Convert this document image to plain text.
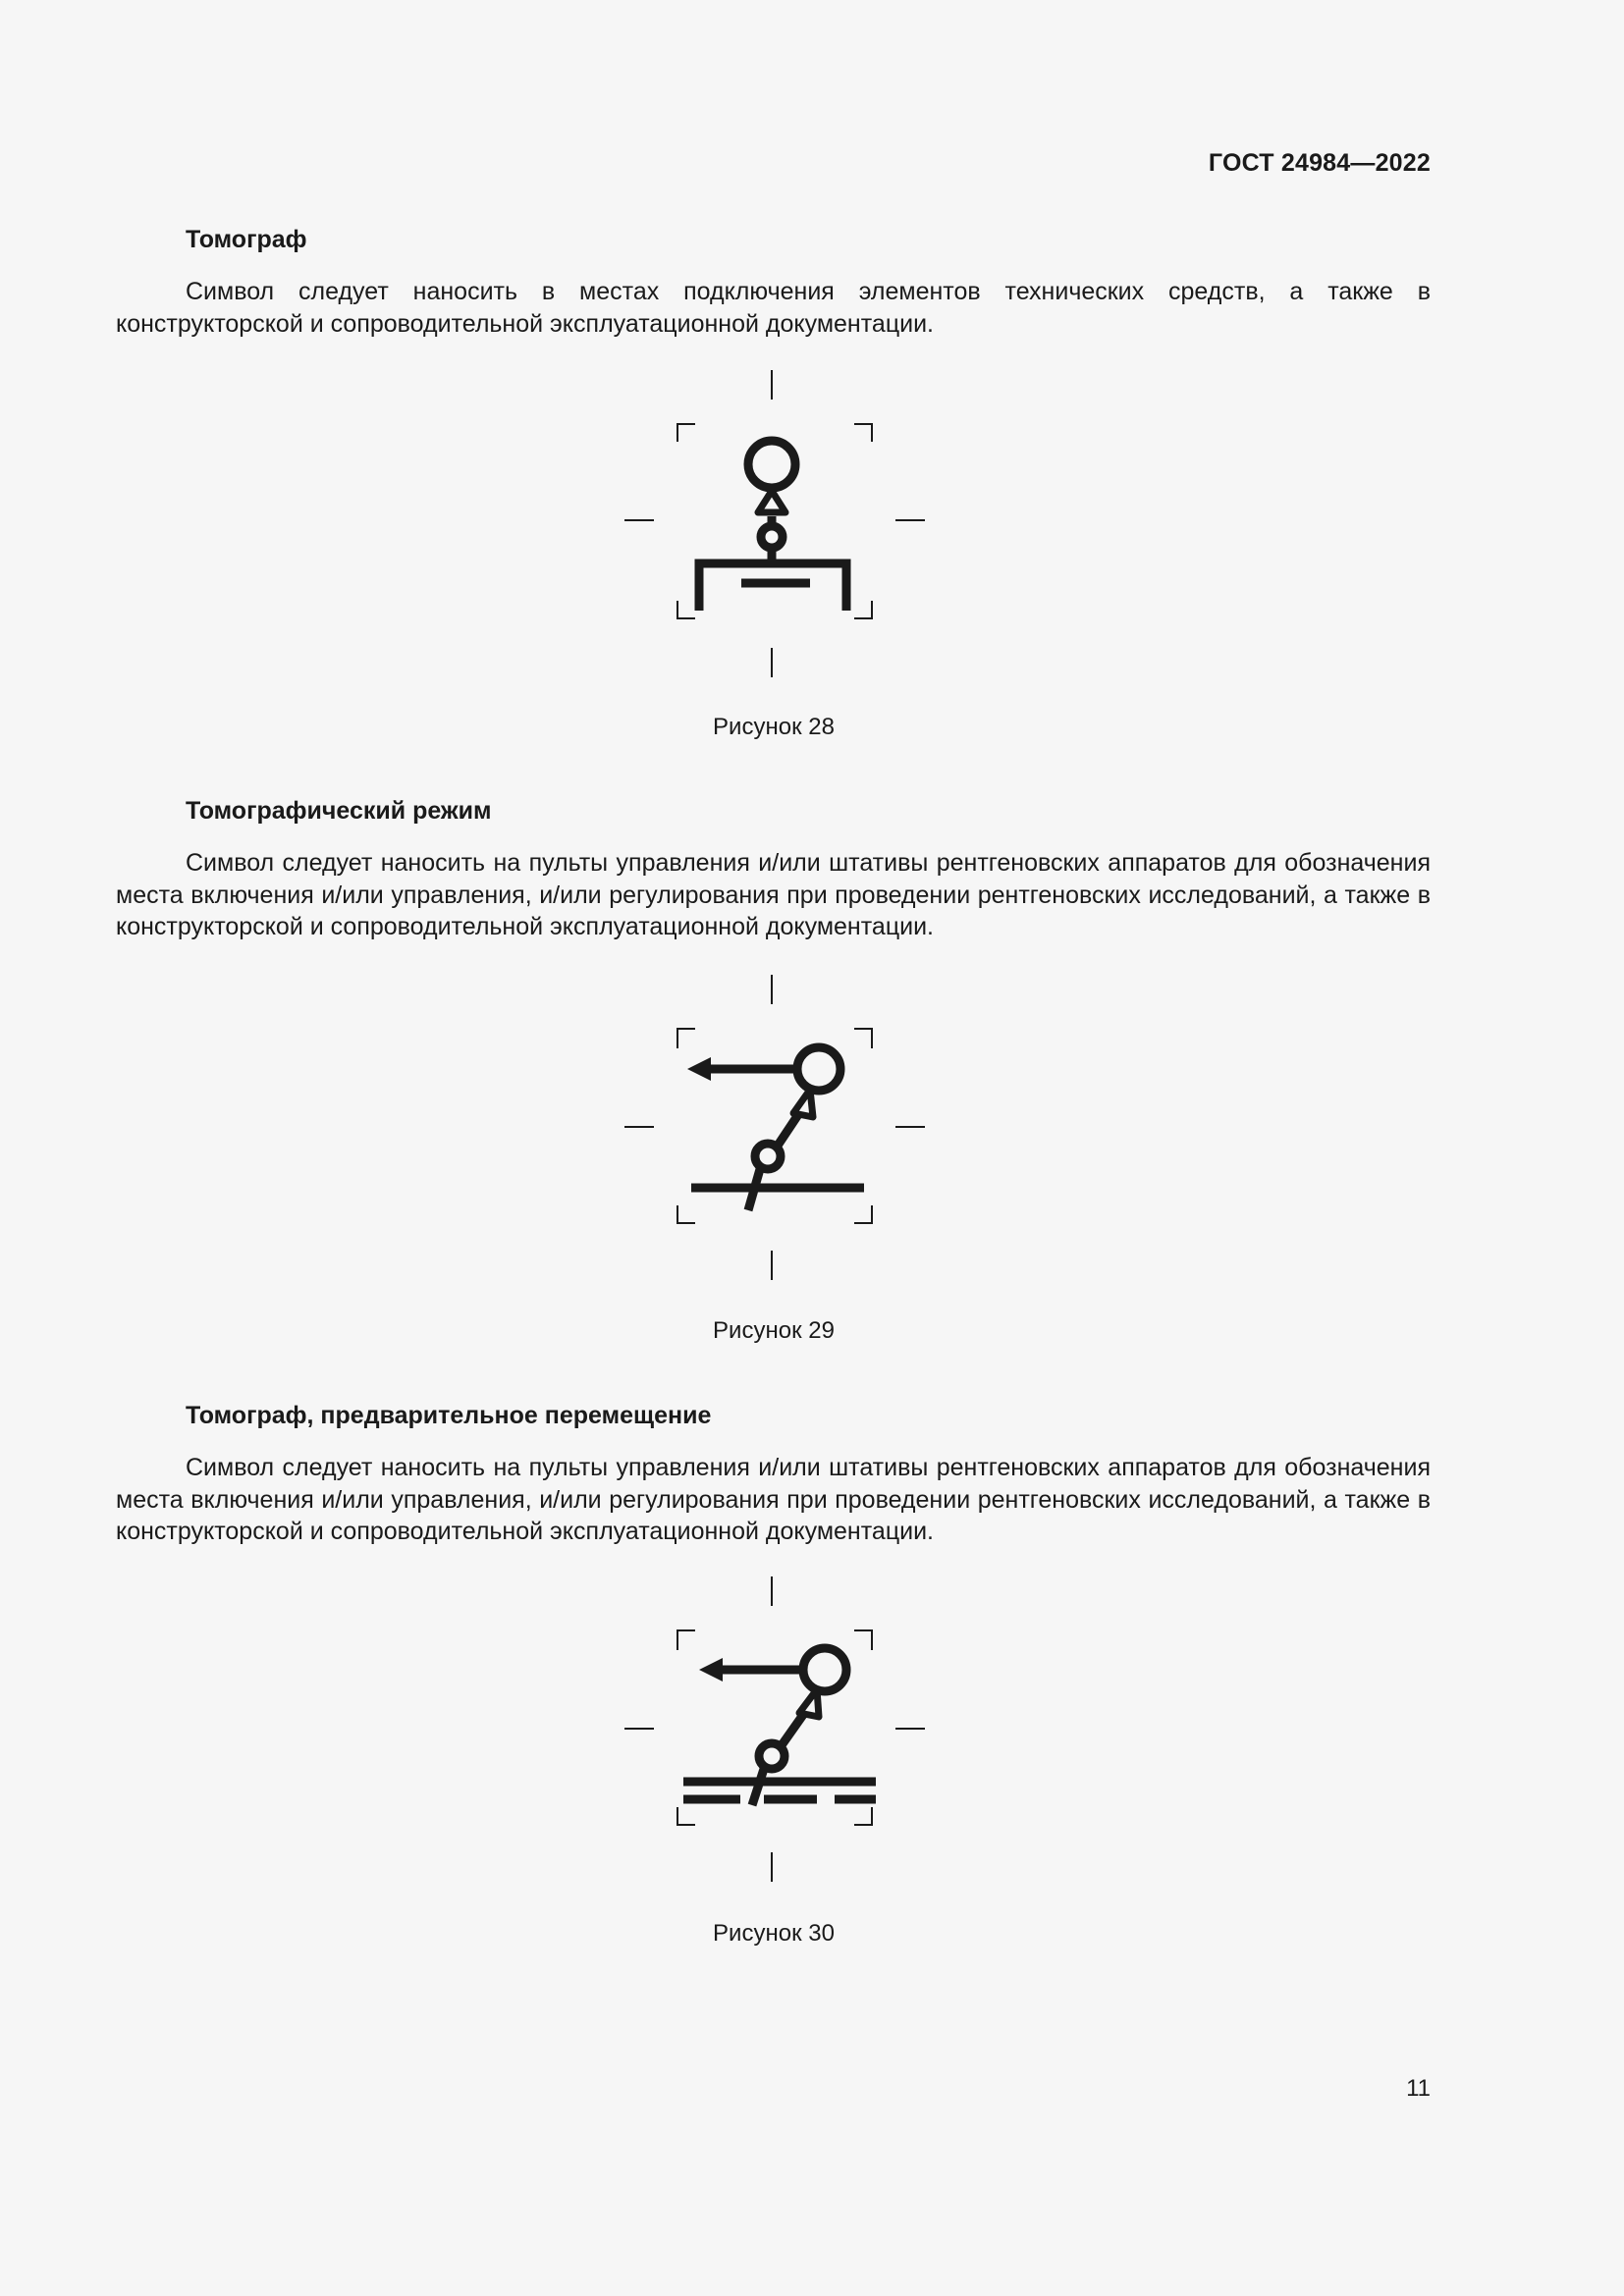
ГОСТ 24984—2022
Томограф

Символ следует наносить в местах подключения элементов технических средств, а также в конструкторской и сопроводительной эксплуатационной документации.

Рисунок 28
Томографический режим

Символ следует наносить на пульты управления и/или штативы рентгеновских аппаратов для обозначения места включения и/или управления, и/или регулирования при проведении рентгеновских исследований, а также в конструкторской и сопроводительной эксплуатационной документации.

Рисунок 29
Томограф, предварительное перемещение

Символ следует наносить на пульты управления и/или штативы рентгеновских аппаратов для обозначения места включения и/или управления, и/или регулирования при проведении рентгеновских исследований, а также в конструкторской и сопроводительной эксплуатационной документации.

Рисунок 30
11
